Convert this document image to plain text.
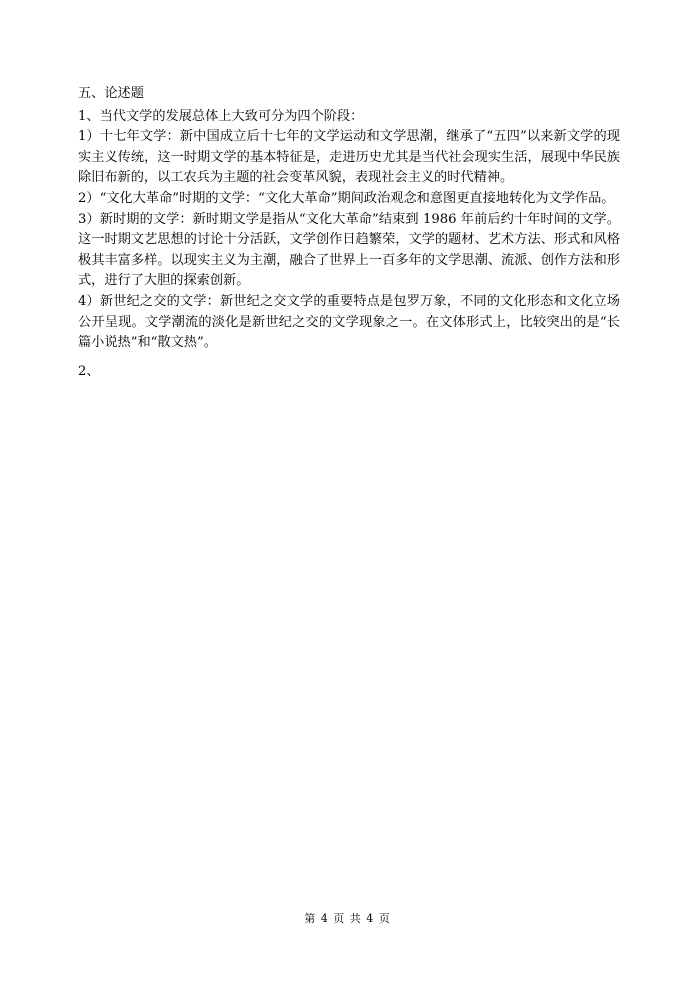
五、论述题

1、当代文学的发展总体上大致可分为四个阶段：

1）十七年文学：新中国成立后十七年的文学运动和文学思潮，继承了“五四”以来新文学的现实主义传统，这一时期文学的基本特征是，走进历史尤其是当代社会现实生活，展现中华民族除旧布新的，以工农兵为主题的社会变革风貌，表现社会主义的时代精神。

2）“文化大革命”时期的文学：“文化大革命”期间政治观念和意图更直接地转化为文学作品。

3）新时期的文学：新时期文学是指从“文化大革命”结束到 1986 年前后约十年时间的文学。这一时期文艺思想的讨论十分活跃，文学创作日趋繁荣，文学的题材、艺术方法、形式和风格极其丰富多样。以现实主义为主潮，融合了世界上一百多年的文学思潮、流派、创作方法和形式，进行了大胆的探索创新。

4）新世纪之交的文学：新世纪之交文学的重要特点是包罗万象，不同的文化形态和文化立场公开呈现。文学潮流的淡化是新世纪之交的文学现象之一。在文体形式上，比较突出的是“长篇小说热”和“散文热”。

2、

第 4 页 共 4 页
